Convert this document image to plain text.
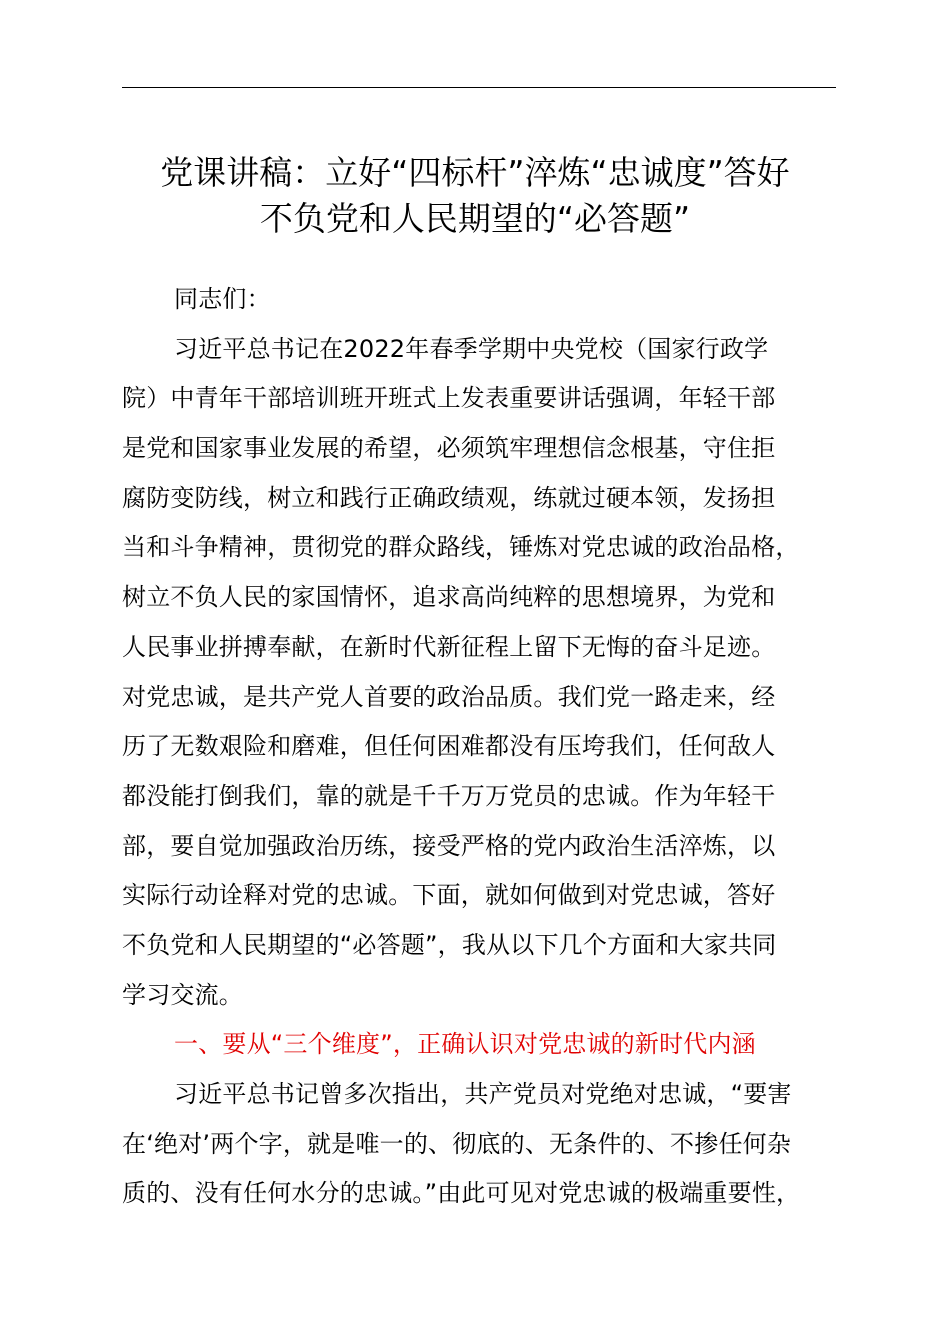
党课讲稿：立好“四标杆”淬炼“忠诚度”答好
不负党和人民期望的“必答题”
同志们：
习近平总书记在2022年春季学期中央党校（国家行政学
院）中青年干部培训班开班式上发表重要讲话强调，年轻干部
是党和国家事业发展的希望，必须筑牢理想信念根基，守住拒
腐防变防线，树立和践行正确政绩观，练就过硬本领，发扬担
当和斗争精神，贯彻党的群众路线，锤炼对党忠诚的政治品格，
树立不负人民的家国情怀，追求高尚纯粹的思想境界，为党和
人民事业拼搏奉献，在新时代新征程上留下无悔的奋斗足迹。
对党忠诚，是共产党人首要的政治品质。我们党一路走来，经
历了无数艰险和磨难，但任何困难都没有压垮我们，任何敌人
都没能打倒我们，靠的就是千千万万党员的忠诚。作为年轻干
部，要自觉加强政治历练，接受严格的党内政治生活淬炼，以
实际行动诠释对党的忠诚。下面，就如何做到对党忠诚，答好
不负党和人民期望的“必答题”，我从以下几个方面和大家共同
学习交流。
一、要从“三个维度”，正确认识对党忠诚的新时代内涵
习近平总书记曾多次指出，共产党员对党绝对忠诚，“要害
在‘绝对’两个字，就是唯一的、彻底的、无条件的、不掺任何杂
质的、没有任何水分的忠诚。”由此可见对党忠诚的极端重要性，
